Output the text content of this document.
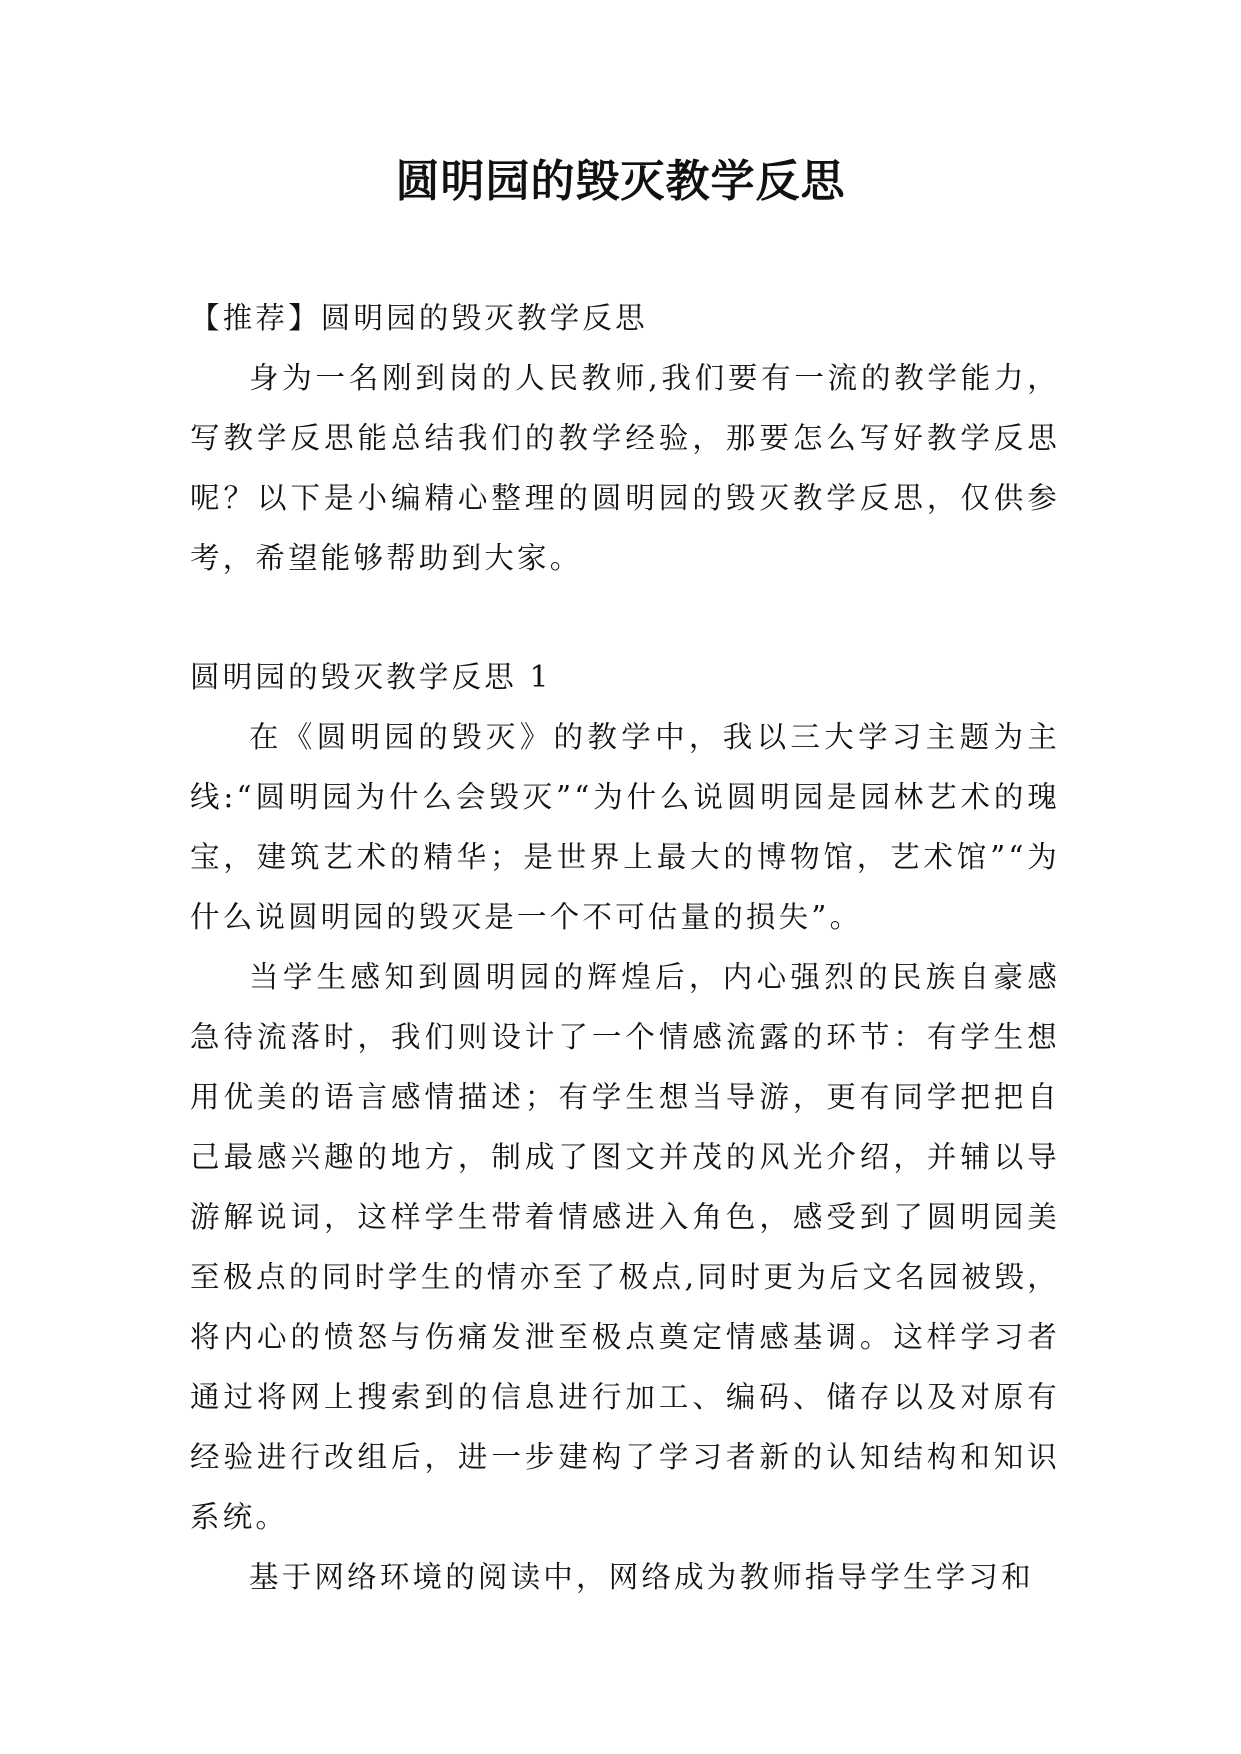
圆明园的毁灭教学反思

【推荐】圆明园的毁灭教学反思

身为一名刚到岗的人民教师,我们要有一流的教学能力，写教学反思能总结我们的教学经验，那要怎么写好教学反思呢？以下是小编精心整理的圆明园的毁灭教学反思，仅供参考，希望能够帮助到大家。

圆明园的毁灭教学反思 1

在《圆明园的毁灭》的教学中，我以三大学习主题为主线:“圆明园为什么会毁灭”“为什么说圆明园是园林艺术的瑰宝，建筑艺术的精华；是世界上最大的博物馆，艺术馆”“为什么说圆明园的毁灭是一个不可估量的损失”。

当学生感知到圆明园的辉煌后，内心强烈的民族自豪感急待流落时，我们则设计了一个情感流露的环节：有学生想用优美的语言感情描述；有学生想当导游，更有同学把把自己最感兴趣的地方，制成了图文并茂的风光介绍，并辅以导游解说词，这样学生带着情感进入角色，感受到了圆明园美至极点的同时学生的情亦至了极点,同时更为后文名园被毁，将内心的愤怒与伤痛发泄至极点奠定情感基调。这样学习者通过将网上搜索到的信息进行加工、编码、储存以及对原有经验进行改组后，进一步建构了学习者新的认知结构和知识系统。

基于网络环境的阅读中，网络成为教师指导学生学习和
